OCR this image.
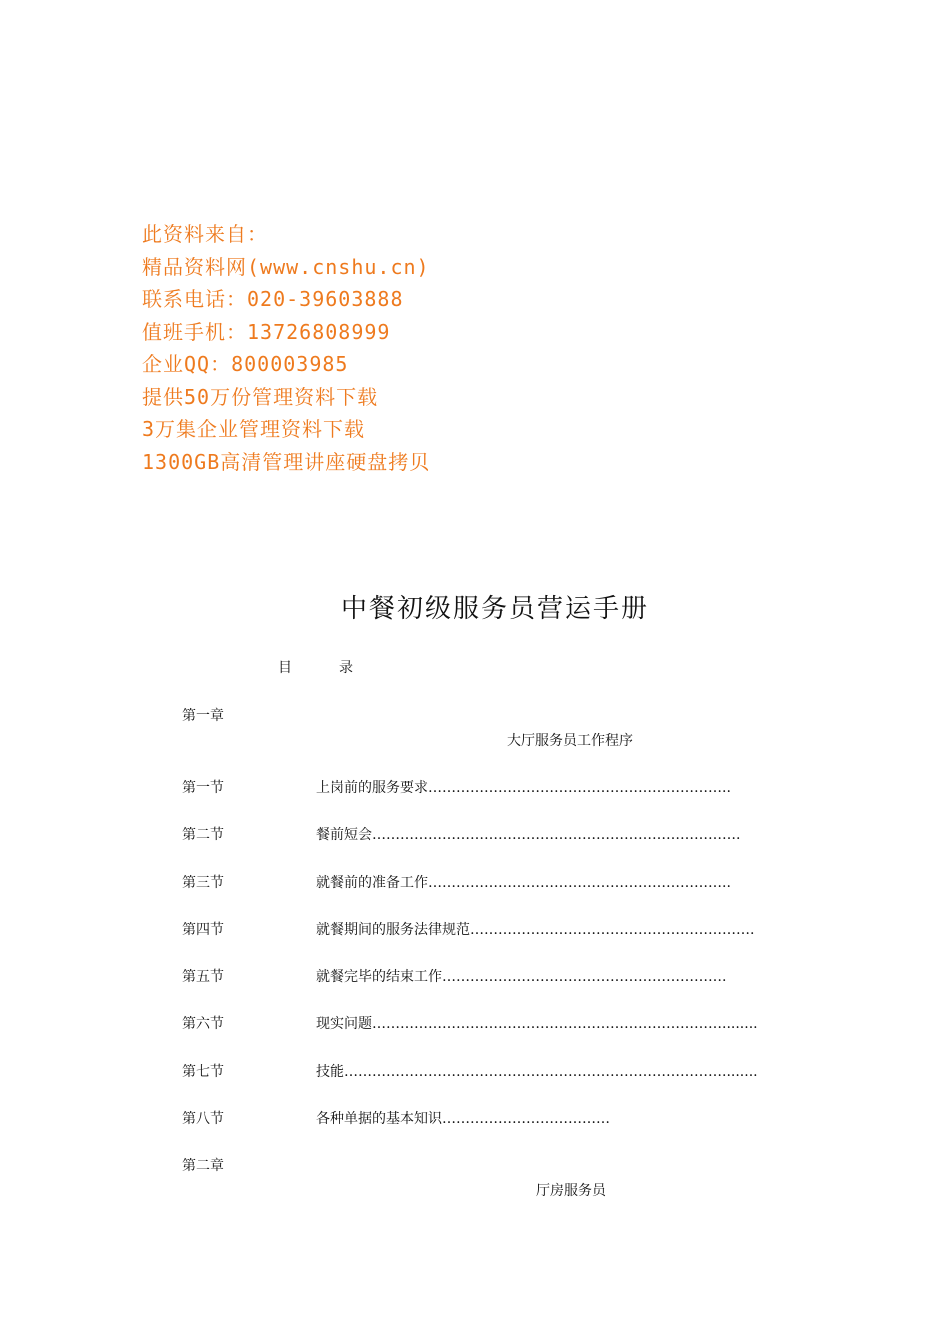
此资料来自：
精品资料网(www.cnshu.cn)
联系电话：020-39603888
值班手机：13726808999
企业QQ：800003985
提供50万份管理资料下载
3万集企业管理资料下载
1300GB高清管理讲座硬盘拷贝
中餐初级服务员营运手册
目	录
第一章
大厅服务员工作程序
第一节	上岗前的服务要求………………………………………………………..
第二节	餐前短会…………………………………………………………………….
第三节	就餐前的准备工作………………………………………………………..
第四节	就餐期间的服务法律规范…………………………………………………….
第五节	就餐完毕的结束工作…………………………………………………….
第六节	现实问题…………………………………………………………………........
第七节	技能………………………………………………………………………........
第八节	各种单据的基本知识………………………………
第二章
厅房服务员
